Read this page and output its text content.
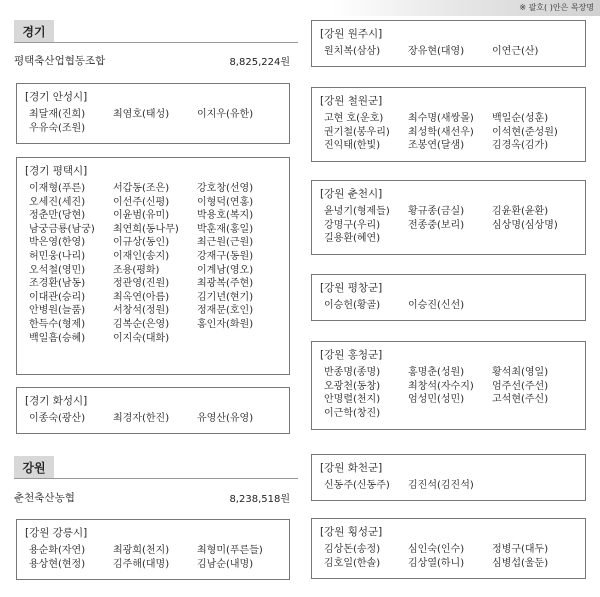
※ 괄호( )안은 목장명
경기
평택축산업협동조합	8,825,224원
[경기 안성시]
최달재(진희)	최염호(태성)	이지우(유한)
우유숙(조원)
[경기 평택시]
이재형(푸른)	서갑동(조은)	강호창(선영)
오세진(세진)	이선주(신평)	이형덕(연홍)
정춘만(당현)	이윤범(유미)	박용호(복지)
남궁금룡(남궁)	최연희(동나무)	박훈재(홍일)
박은영(한영)	이규상(동인)	최근원(근원)
허민웅(나리)	이재인(송지)	강재구(동원)
오석철(영민)	조용(평화)	이계남(영오)
조경환(남동)	정관영(진원)	최광복(주현)
이대관(승리)	최옥연(아름)	김기년(현기)
안병원(늘품)	서창석(정원)	정재문(호인)
한득수(형제)	김복순(은영)	홍인자(화원)
백일흠(승혜)	이지숙(대화)
[경기 화성시]
이종숙(광산)	최경자(한진)	유영산(유영)
강원
춘천축산농협	8,238,518원
[강원 강릉시]
용순화(자연)	최광희(천지)	최형미(푸른들)
용상현(현정)	김주해(대명)	김남순(내명)
[강원 원주시]
원치복(삼삼)	장유현(대영)	이연근(산)
[강원 철원군]
고현 호(운호)	최수명(새쌍몰)	백일순(성훈)
권기철(봉우리)	최성학(새선우)	이석현(준성원)
진익태(한빛)	조봉연(달샘)	김경옥(김가)
[강원 춘천시]
윤녕기(형제들)	황규종(금실)	김윤환(윤환)
강명구(우리)	전종중(보리)	심상명(심상명)
길용환(혜연)
[강원 평창군]
이승헌(황골)	이승진(신선)
[강원 홍청군]
반종명(종명)	홍명춘(성원)	황석최(영일)
오광천(동창)	최창석(자수지)	엄주선(주선)
안명렬(천지)	엄성민(성민)	고석현(주신)
이근학(창진)
[강원 화천군]
신동주(신동주)	김진석(김진석)
[강원 횡성군]
김상돈(송정)	심인숙(인수)	정병구(대두)
김호일(한솔)	김상열(하니)	심병섭(울둔)
